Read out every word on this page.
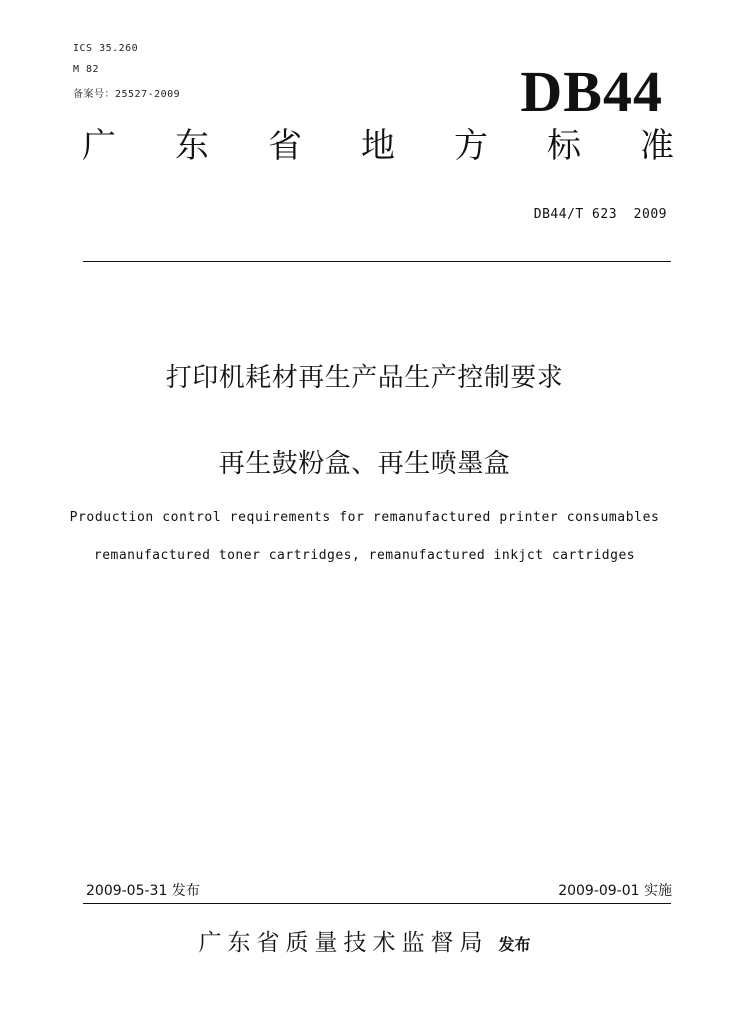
ICS 35.260
M 82
备案号：25527-2009	DB44
广 东 省 地 方 标 准
DB44/T 623  2009
打印机耗材再生产品生产控制要求
再生鼓粉盒、再生喷墨盒
Production control requirements for remanufactured printer consumables
remanufactured toner cartridges, remanufactured inkjct cartridges
2009-05-31 发布	2009-09-01 实施
广东省质量技术监督局 发布
